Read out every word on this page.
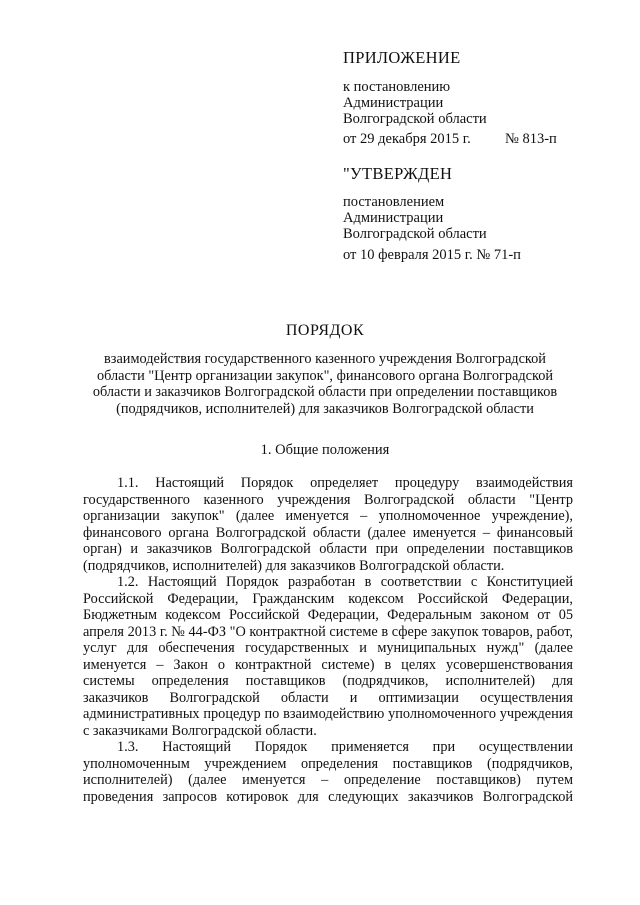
ПРИЛОЖЕНИЕ
к постановлению
Администрации
Волгоградской области
от 29 декабря 2015 г. № 813-п
"УТВЕРЖДЕН
постановлением
Администрации
Волгоградской области
от 10 февраля 2015 г. № 71-п
ПОРЯДОК
взаимодействия государственного казенного учреждения Волгоградской
области "Центр организации закупок", финансового органа Волгоградской
области и заказчиков Волгоградской области при определении поставщиков
(подрядчиков, исполнителей) для заказчиков Волгоградской области
1. Общие положения

1.1. Настоящий Порядок определяет процедуру взаимодействия государственного казенного учреждения Волгоградской области "Центр организации закупок" (далее именуется – уполномоченное учреждение), финансового органа Волгоградской области (далее именуется – финансовый орган) и заказчиков Волгоградской области при определении поставщиков (подрядчиков, исполнителей) для заказчиков Волгоградской области.

1.2. Настоящий Порядок разработан в соответствии с Конституцией Российской Федерации, Гражданским кодексом Российской Федерации, Бюджетным кодексом Российской Федерации, Федеральным законом от 05 апреля 2013 г. № 44-ФЗ "О контрактной системе в сфере закупок товаров, работ, услуг для обеспечения государственных и муниципальных нужд" (далее именуется – Закон о контрактной системе) в целях усовершенствования системы определения поставщиков (подрядчиков, исполнителей) для заказчиков Волгоградской области и оптимизации осуществления административных процедур по взаимодействию уполномоченного учреждения с заказчиками Волгоградской области.

1.3. Настоящий Порядок применяется при осуществлении уполномоченным учреждением определения поставщиков (подрядчиков, исполнителей) (далее именуется – определение поставщиков) путем проведения запросов котировок для следующих заказчиков Волгоградской
